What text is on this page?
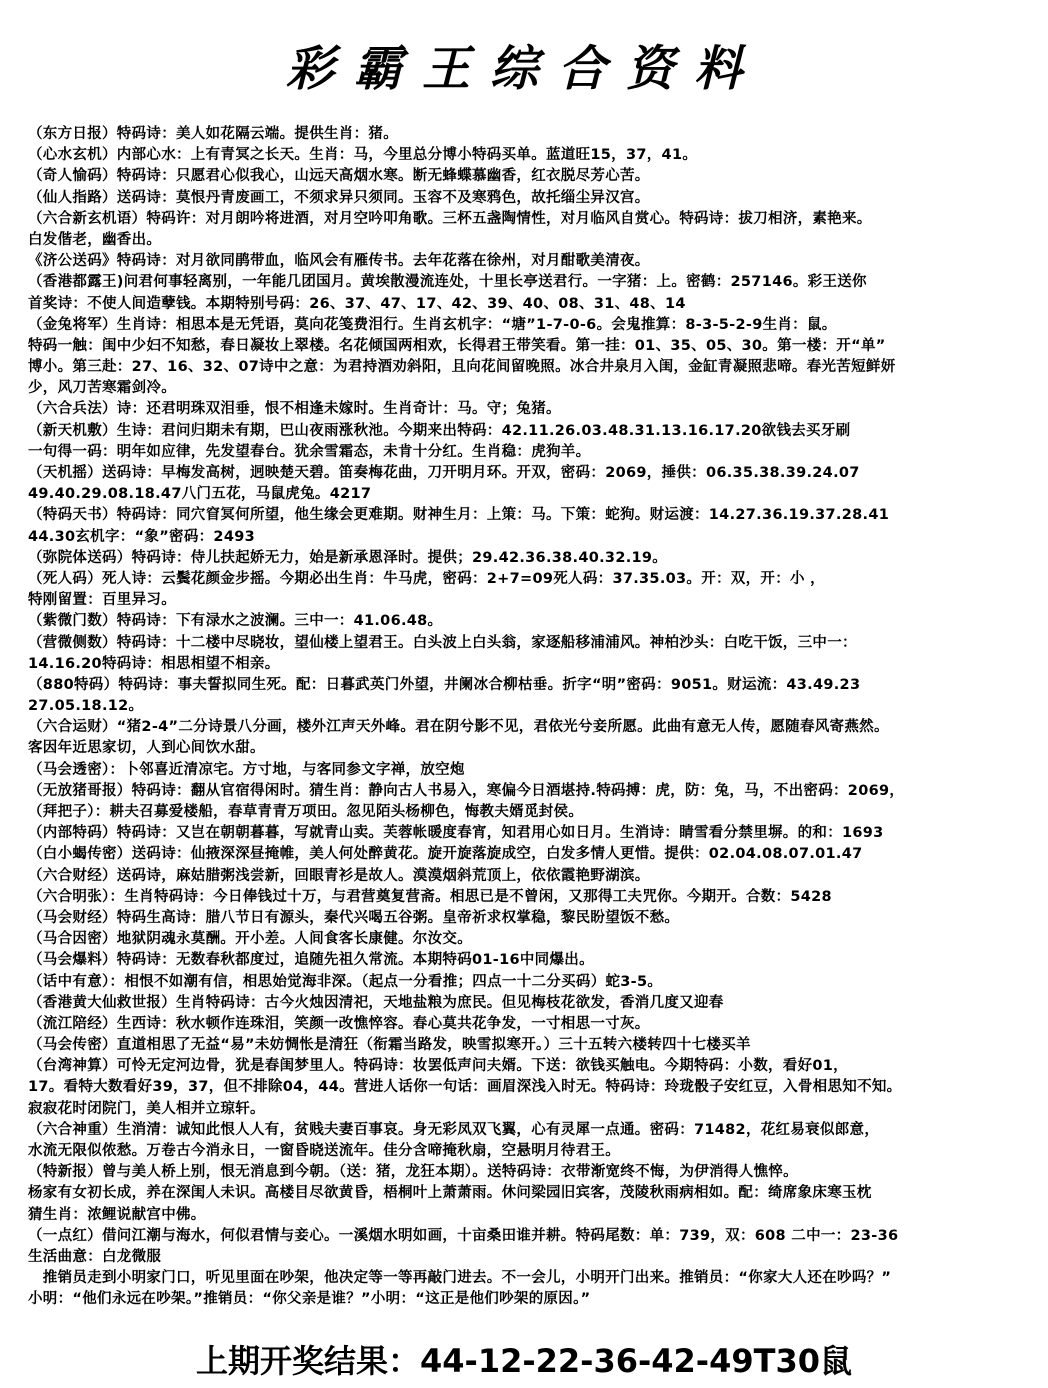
彩霸王综合资料
（东方日报）特码诗：美人如花隔云端。提供生肖：猪。
（心水玄机）内部心水：上有青冥之长天。生肖：马，今里总分博小特码买单。蓝道旺15，37，41。
（奇人愉码）特码诗：只愿君心似我心，山远天高烟水寒。断无蜂蝶慕幽香，红衣脱尽芳心苦。
（仙人指路）送码诗：莫恨丹青废画工，不须求异只须同。玉容不及寒鸦色，故托缁尘异汉宫。
（六合新玄机语）特码许：对月朗吟将进酒，对月空吟叩角歌。三杯五盏陶情性，对月临风自赏心。特码诗：拔刀相济，素艳来。
白发偕老，幽香出。
《济公送码》特码诗：对月欲同鹃带血，临风会有雁传书。去年花落在徐州，对月酣歌美清夜。
（香港都露王)问君何事轻离别，一年能几团国月。黄埃散漫流连处，十里长亭送君行。一字猪：上。密鹤：257146。彩王送你
首奖诗：不使人间造孽钱。本期特别号码：26、37、47、17、42、39、40、08、31、48、14
（金兔将军）生肖诗：相思本是无凭语，莫向花笺费泪行。生肖玄机字：“塘”1-7-0-6。会鬼推算：8-3-5-2-9生肖：鼠。
特码一触：闺中少妇不知愁，春日凝妆上翠楼。名花倾国两相欢，长得君王带笑看。第一挂：01、35、05、30。第一楼：开“单”
博小。第三赴：27、16、32、07诗中之意：为君持酒劝斜阳，且向花间留晚照。冰合井泉月入闺，金缸青凝照悲啼。春光苦短鲜妍
少，风刀苦寒霜剑冷。
（六合兵法）诗：还君明珠双泪垂，恨不相逢未嫁时。生肖奇计：马。守；兔猪。
（新天机敷）生诗：君问归期未有期，巴山夜雨涨秋池。今期来出特码：42.11.26.03.48.31.13.16.17.20欲钱去买牙刷
一句得一码：明年如应律，先发望春台。犹余雪霜态，未肯十分红。生肖稳：虎狗羊。
（天机摇）送码诗：早梅发高树，迥映楚天碧。笛奏梅花曲，刀开明月环。开双，密码：2069，捶供：06.35.38.39.24.07
49.40.29.08.18.47八门五花，马鼠虎兔。4217
（特码天书）特码诗：同穴窅冥何所望，他生缘会更难期。财神生月：上策：马。下策：蛇狗。财运渡：14.27.36.19.37.28.41
44.30玄机字：“象”密码：2493
（弥院体送码）特码诗：侍儿扶起娇无力，始是新承恩泽时。提供；29.42.36.38.40.32.19。
（死人码）死人诗：云鬓花颜金步摇。今期必出生肖：牛马虎，密码：2+7=09死人码：37.35.03。开：双，开：小 ，
特刚留置：百里异习。
（紫微门数）特码诗：下有渌水之波澜。三中一：41.06.48。
（营微侧数）特码诗：十二楼中尽晓妆，望仙楼上望君王。白头波上白头翁，家逐船移浦浦风。神柏沙头：白吃干饭，三中一：
14.16.20特码诗：相思相望不相亲。
（880特码）特码诗：事夫誓拟同生死。配：日暮武英门外望，井阑冰合柳枯垂。折字“明”密码：9051。财运流：43.49.23
27.05.18.12。
（六合运财）“猪2-4”二分诗景八分画，楼外江声天外峰。君在阴兮影不见，君依光兮妾所愿。此曲有意无人传，愿随春风寄燕然。
客因年近思家切，人到心间饮水甜。
（马会透密）：卜邻喜近清凉宅。方寸地，与客同参文字禅，放空炮
（无放猪哥报）特码诗：翻从官宿得闲时。猜生肖：静向古人书易入，寒偏今日酒堪持.特码搏：虎，防：兔，马，不出密码：2069，
（拜把子）：耕夫召募爱楼船，春草青青万项田。忽见陌头杨柳色，悔教夫婿觅封侯。
（内部特码）特码诗：又岂在朝朝暮暮，写就青山卖。芙蓉帐暖度春宵，知君用心如日月。生消诗：睛雪看分禁里塀。的和：1693
（白小蝎传密）送码诗：仙掖深深昼掩帷，美人何处醉黄花。旋开旋落旋成空，白发多情人更惜。提供：02.04.08.07.01.47
（六合财经）送码诗，麻姑腊粥浅尝新，回眼青衫是故人。漠漠烟斜荒顶上，依依霞艳野湖滨。
（六合明张）：生肖特码诗：今日俸钱过十万，与君营奠复营斋。相思已是不曾闲，又那得工夫咒你。今期开。合数：5428
（马会财经）特码生高诗：腊八节日有源头，秦代兴喝五谷粥。皇帝祈求权掌稳，黎民盼望饭不愁。
（马合因密）地狱阴魂永莫酬。开小差。人间食客长康健。尔汝交。
（马会爆料）特码诗：无数春秋都度过，追随先祖久常流。本期特码01-16中同爆出。
（话中有意）：相恨不如潮有信，相思始觉海非深。（起点一分看推；四点一十二分买码）蛇3-5。
（香港黄大仙救世报）生肖特码诗：古今火烛因清祀，天地盐粮为庶民。但见梅枝花欲发，香消几度又迎春
（流江陪经）生西诗：秋水顿作连珠泪，笑颜一改憔悴容。春心莫共花争发，一寸相思一寸灰。
（马会传密）直道相思了无益“易”未妨惆怅是清狂（衔霜当路发，映雪拟寒开。）三十五转六楼转四十七楼买羊
（台湾神算）可怜无定河边骨，犹是春闺梦里人。特码诗：妆罢低声问夫婿。下送：欲钱买触电。今期特码：小数，看好01，
17。看特大数看好39，37，但不排除04，44。营进人话你一句话：画眉深浅入时无。特码诗：玲珑骰子安红豆，入骨相思知不知。
寂寂花时闭院门，美人相并立琼轩。
（六合神重）生消清：诚知此恨人人有，贫贱夫妻百事哀。身无彩凤双飞翼，心有灵犀一点通。密码：71482，花红易衰似郎意，
水流无限似侬愁。万卷古今消永日，一窗昏晓送流年。佳分含啼掩秋扇，空悬明月待君王。
（特新报）曾与美人桥上别，恨无消息到今朝。（送：猪，龙狂本期）。送特码诗：衣带渐宽终不悔，为伊消得人憔悴。
杨家有女初长成，养在深闺人未识。高楼目尽欲黄昏，梧桐叶上萧萧雨。休问梁园旧宾客，茂陵秋雨病相如。配：绮席象床寒玉枕
猜生肖：浓鲤说献宫中佛。
（一点红）借问江潮与海水，何似君情与妾心。一溪烟水明如画，十亩桑田谁并耕。特码尾数：单：739，双：608 二中一：23-36
生活曲意：白龙微服
　推销员走到小明家门口，听见里面在吵架，他决定等一等再敲门进去。不一会儿，小明开门出来。推销员：“你家大人还在吵吗？”
小明：“他们永远在吵架。”推销员：“你父亲是谁？”小明：“这正是他们吵架的原因。”
上期开奖结果：44-12-22-36-42-49T30鼠
